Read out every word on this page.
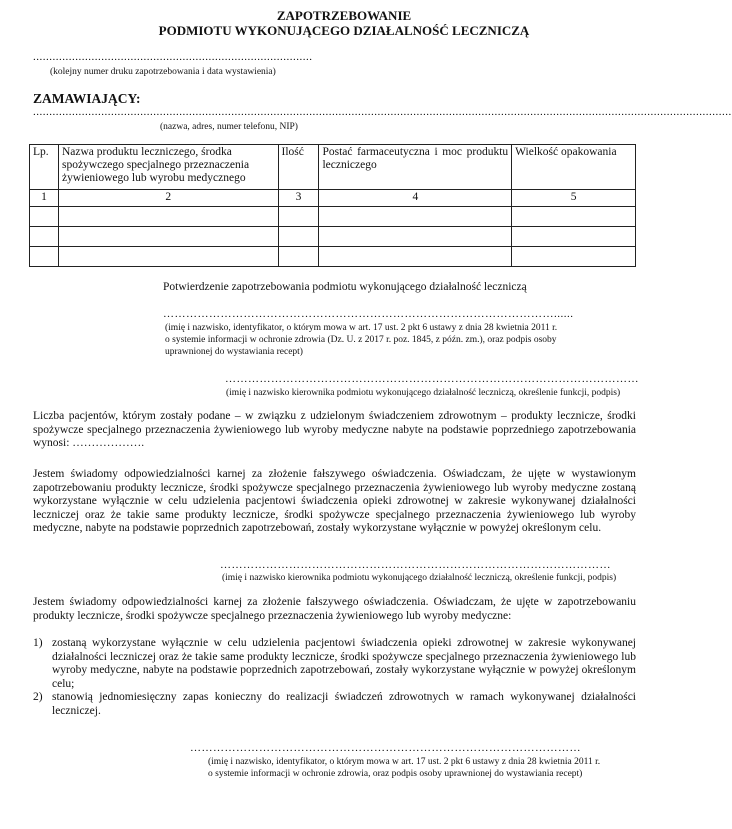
ZAPOTRZEBOWANIE
PODMIOTU WYKONUJĄCEGO DZIAŁALNOŚĆ LECZNICZĄ
......................................................................................
(kolejny numer druku zapotrzebowania i data wystawienia)
ZAMAWIAJĄCY:
.......................................................................................................................................................................................................................
(nazwa, adres, numer telefonu, NIP)
Lp.	Nazwa produktu leczniczego, środka spożywczego specjalnego przeznaczenia żywieniowego lub wyrobu medycznego	Ilość	Postać farmaceutyczna i moc produktu leczniczego	Wielkość opakowania
1	2	3	4	5

Potwierdzenie zapotrzebowania podmiotu wykonującego działalność leczniczą
…………………………………………………………………………………………......
(imię i nazwisko, identyfikator, o którym mowa w art. 17 ust. 2 pkt 6 ustawy z dnia 28 kwietnia 2011 r.
o systemie informacji w ochronie zdrowia (Dz. U. z 2017 r. poz. 1845, z późn. zm.), oraz podpis osoby
uprawnionej do wystawiania recept)
………………………………………………………………………………………………
(imię i nazwisko kierownika podmiotu wykonującego działalność leczniczą, określenie funkcji, podpis)
Liczba pacjentów, którym zostały podane – w związku z udzielonym świadczeniem zdrowotnym – produkty lecznicze, środki spożywcze specjalnego przeznaczenia żywieniowego lub wyroby medyczne nabyte na podstawie poprzedniego zapotrzebowania wynosi: ……………….
Jestem świadomy odpowiedzialności karnej za złożenie fałszywego oświadczenia. Oświadczam, że ujęte w wystawionym zapotrzebowaniu produkty lecznicze, środki spożywcze specjalnego przeznaczenia żywieniowego lub wyroby medyczne zostaną wykorzystane wyłącznie w celu udzielenia pacjentowi świadczenia opieki zdrowotnej w zakresie wykonywanej działalności leczniczej oraz że takie same produkty lecznicze, środki spożywcze specjalnego przeznaczenia żywieniowego lub wyroby medyczne, nabyte na podstawie poprzednich zapotrzebowań, zostały wykorzystane wyłącznie w powyżej określonym celu.
…………………………………………………………………………………………
(imię i nazwisko kierownika podmiotu wykonującego działalność leczniczą, określenie funkcji, podpis)
Jestem świadomy odpowiedzialności karnej za złożenie fałszywego oświadczenia. Oświadczam, że ujęte w zapotrzebowaniu produkty lecznicze, środki spożywcze specjalnego przeznaczenia żywieniowego lub wyroby medyczne:
1) zostaną wykorzystane wyłącznie w celu udzielenia pacjentowi świadczenia opieki zdrowotnej w zakresie wykonywanej działalności leczniczej oraz że takie same produkty lecznicze, środki spożywcze specjalnego przeznaczenia żywieniowego lub wyroby medyczne, nabyte na podstawie poprzednich zapotrzebowań, zostały wykorzystane wyłącznie w powyżej określonym celu;
2) stanowią jednomiesięczny zapas konieczny do realizacji świadczeń zdrowotnych w ramach wykonywanej działalności leczniczej.
…………………………………………………………………………………………
(imię i nazwisko, identyfikator, o którym mowa w art. 17 ust. 2 pkt 6 ustawy z dnia 28 kwietnia 2011 r.
o systemie informacji w ochronie zdrowia, oraz podpis osoby uprawnionej do wystawiania recept)
